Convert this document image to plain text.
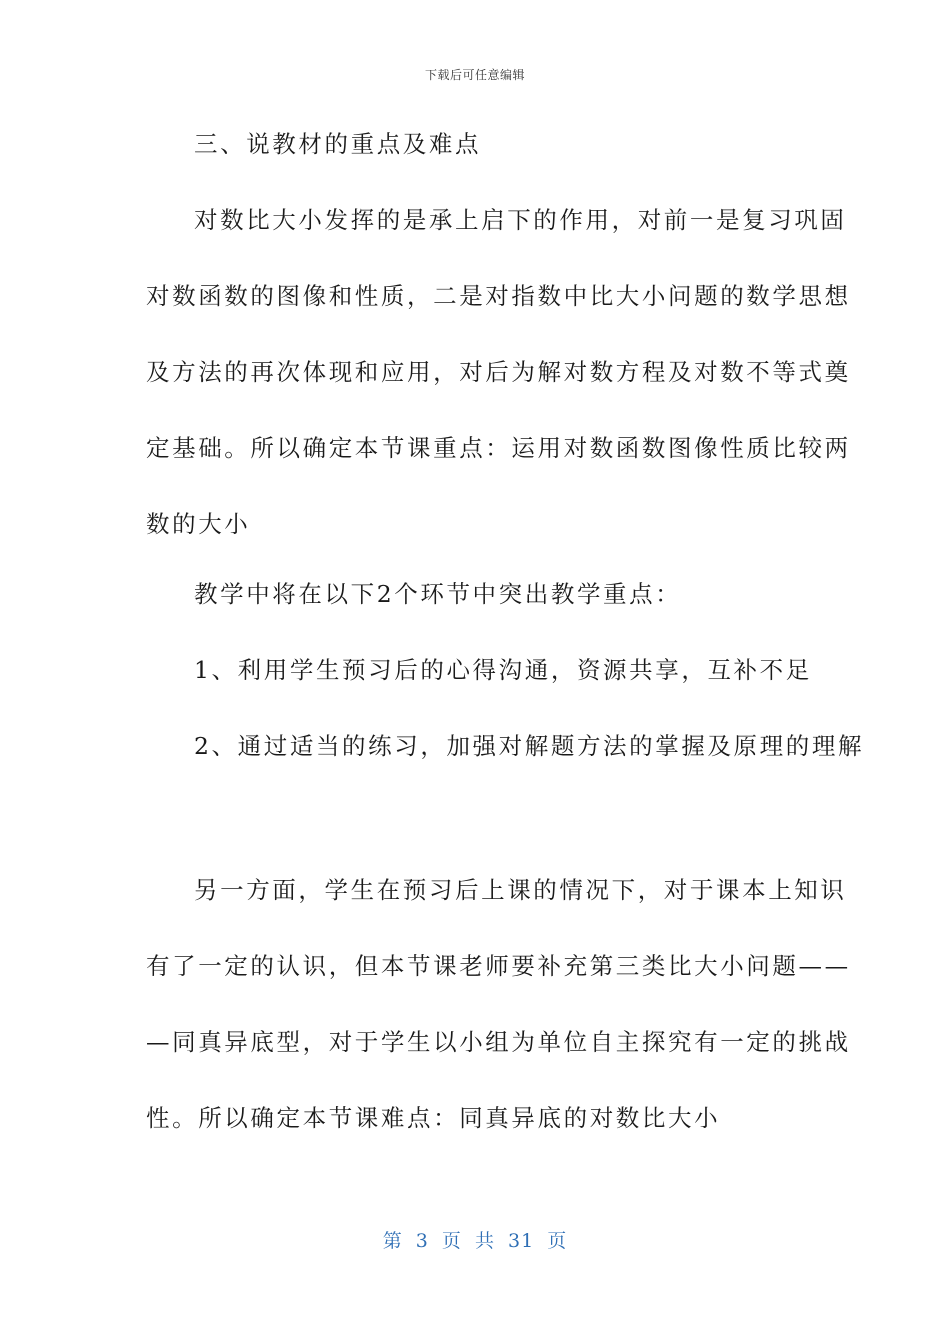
下载后可任意编辑
三、说教材的重点及难点
对数比大小发挥的是承上启下的作用，对前一是复习巩固
对数函数的图像和性质，二是对指数中比大小问题的数学思想
及方法的再次体现和应用，对后为解对数方程及对数不等式奠
定基础。所以确定本节课重点：运用对数函数图像性质比较两
数的大小
教学中将在以下2个环节中突出教学重点：
1、利用学生预习后的心得沟通，资源共享，互补不足
2、通过适当的练习，加强对解题方法的掌握及原理的理解
另一方面，学生在预习后上课的情况下，对于课本上知识
有了一定的认识，但本节课老师要补充第三类比大小问题——
—同真异底型，对于学生以小组为单位自主探究有一定的挑战
性。所以确定本节课难点：同真异底的对数比大小
第 3 页 共 31 页
